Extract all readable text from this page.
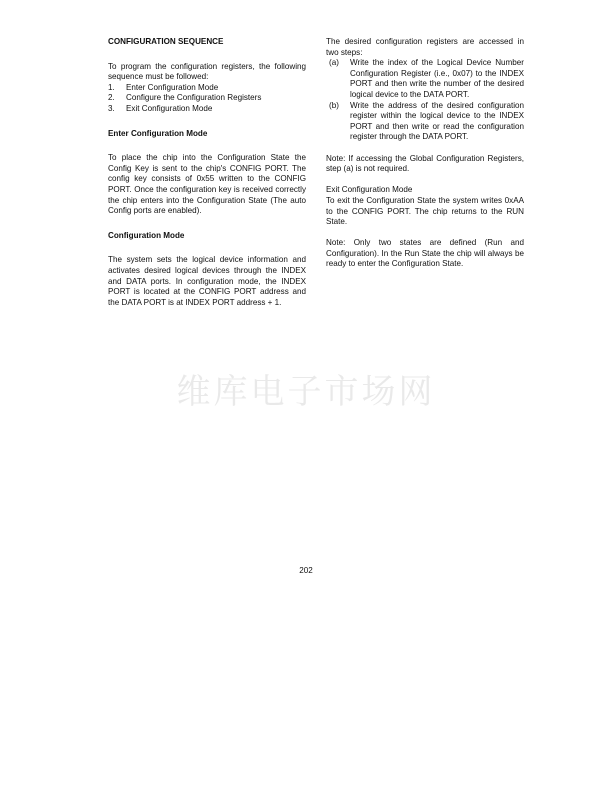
CONFIGURATION SEQUENCE

To program the configuration registers, the following sequence must be followed:

1.	Enter Configuration Mode
2.	Configure the Configuration Registers
3.	Exit Configuration Mode
Enter Configuration Mode

To place the chip into the Configuration State the Config Key is sent to the chip's CONFIG PORT. The config key consists of 0x55 written to the CONFIG PORT. Once the configuration key is received correctly the chip enters into the Configuration State (The auto Config ports are enabled).

Configuration Mode

The system sets the logical device information and activates desired logical devices through the INDEX and DATA ports. In configuration mode, the INDEX PORT is located at the CONFIG PORT address and the DATA PORT is at INDEX PORT address + 1.

The desired configuration registers are accessed in two steps:

(a)	Write the index of the Logical Device Number Configuration Register (i.e., 0x07) to the INDEX PORT and then write the number of the desired logical device to the DATA PORT.
(b)	Write the address of the desired configuration register within the logical device to the INDEX PORT and then write or read the configuration register through the DATA PORT.

Note: If accessing the Global Configuration Registers, step (a) is not required.

Exit Configuration Mode

To exit the Configuration State the system writes 0xAA to the CONFIG PORT. The chip returns to the RUN State.

Note: Only two states are defined (Run and Configuration). In the Run State the chip will always be ready to enter the Configuration State.

维库电子市场网
202
